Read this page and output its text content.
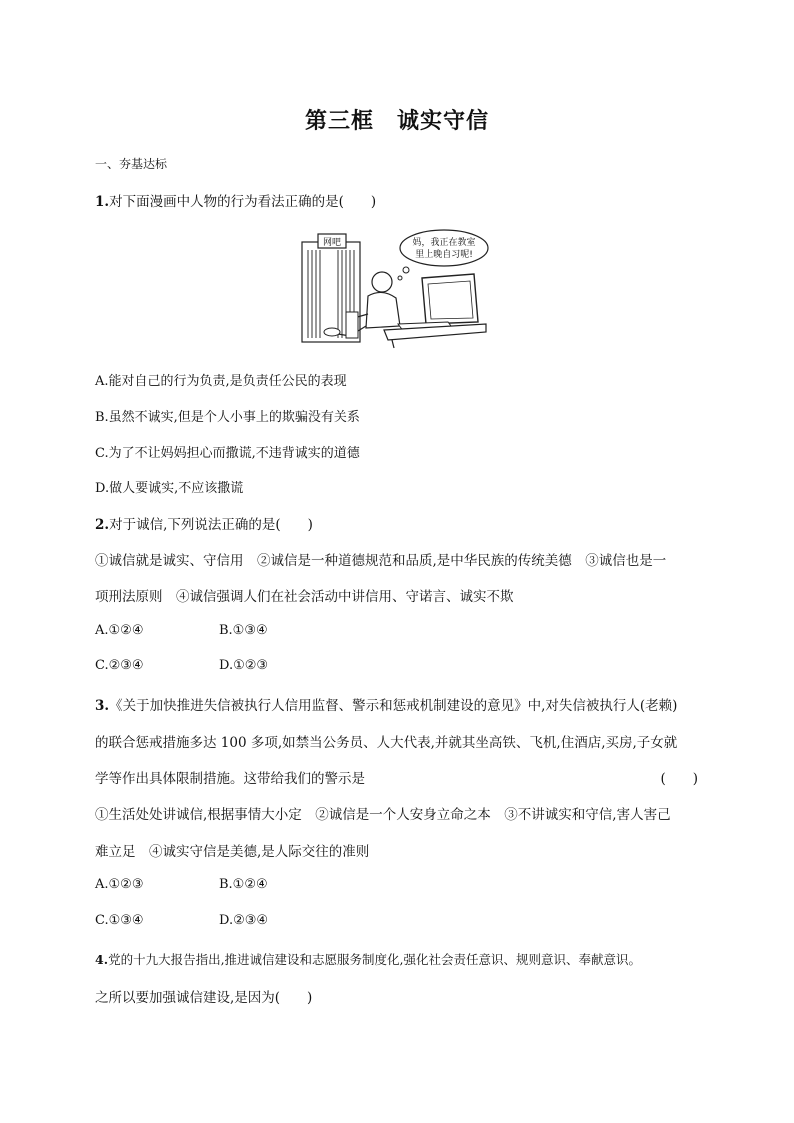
第三框　诚实守信
一、夯基达标
1.对下面漫画中人物的行为看法正确的是(　　)
网吧	妈，我正在教室
里上晚自习呢!
A.能对自己的行为负责,是负责任公民的表现
B.虽然不诚实,但是个人小事上的欺骗没有关系
C.为了不让妈妈担心而撒谎,不违背诚实的道德
D.做人要诚实,不应该撒谎
2.对于诚信,下列说法正确的是(　　)
①诚信就是诚实、守信用　②诚信是一种道德规范和品质,是中华民族的传统美德　③诚信也是一
项刑法原则　④诚信强调人们在社会活动中讲信用、守诺言、诚实不欺
A.①②④	B.①③④
C.②③④	D.①②③
3.《关于加快推进失信被执行人信用监督、警示和惩戒机制建设的意见》中,对失信被执行人(老赖)
的联合惩戒措施多达 100 多项,如禁当公务员、人大代表,并就其坐高铁、飞机,住酒店,买房,子女就
学等作出具体限制措施。这带给我们的警示是	(　　)
①生活处处讲诚信,根据事情大小定　②诚信是一个人安身立命之本　③不讲诚实和守信,害人害己
难立足　④诚实守信是美德,是人际交往的准则
A.①②③	B.①②④
C.①③④	D.②③④
4.党的十九大报告指出,推进诚信建设和志愿服务制度化,强化社会责任意识、规则意识、奉献意识。
之所以要加强诚信建设,是因为(　　)
